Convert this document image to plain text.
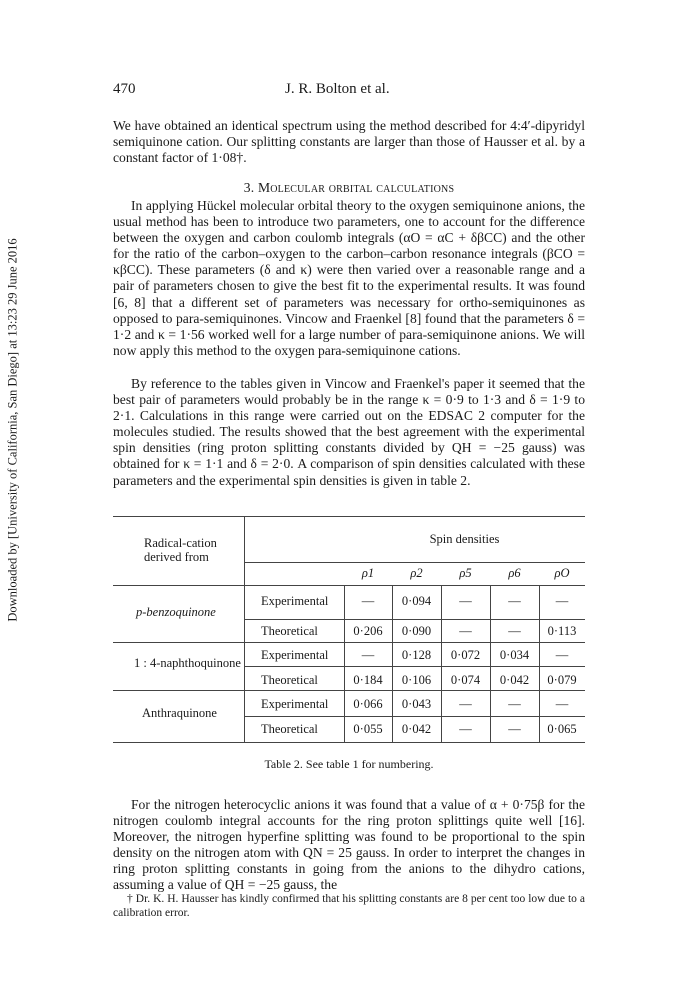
Downloaded by [University of California, San Diego] at 13:23 29 June 2016
470	J. R. Bolton et al.
We have obtained an identical spectrum using the method described for 4:4′-dipyridyl semiquinone cation. Our splitting constants are larger than those of Hausser et al. by a constant factor of 1·08†.
3. Molecular orbital calculations
In applying Hückel molecular orbital theory to the oxygen semiquinone anions, the usual method has been to introduce two parameters, one to account for the difference between the oxygen and carbon coulomb integrals (αO = αC + δβCC) and the other for the ratio of the carbon–oxygen to the carbon–carbon resonance integrals (βCO = κβCC). These parameters (δ and κ) were then varied over a reasonable range and a pair of parameters chosen to give the best fit to the experimental results. It was found [6, 8] that a different set of parameters was necessary for ortho-semiquinones as opposed to para-semiquinones. Vincow and Fraenkel [8] found that the parameters δ = 1·2 and κ = 1·56 worked well for a large number of para-semiquinone anions. We will now apply this method to the oxygen para-semiquinone cations.
By reference to the tables given in Vincow and Fraenkel's paper it seemed that the best pair of parameters would probably be in the range κ = 0·9 to 1·3 and δ = 1·9 to 2·1. Calculations in this range were carried out on the EDSAC 2 computer for the molecules studied. The results showed that the best agreement with the experimental spin densities (ring proton splitting constants divided by QH = −25 gauss) was obtained for κ = 1·1 and δ = 2·0. A comparison of spin densities calculated with these parameters and the experimental spin densities is given in table 2.
Radical-cation derived from
Spin densities
ρ1	ρ2	ρ5	ρ6	ρO
p-benzoquinone
Experimental	—	0·094	—	—	—
Theoretical	0·206	0·090	—	—	0·113
1 : 4-naphthoquinone
Experimental	—	0·128	0·072	0·034	—
Theoretical	0·184	0·106	0·074	0·042	0·079
Anthraquinone
Experimental	0·066	0·043	—	—	—
Theoretical	0·055	0·042	—	—	0·065
Table 2. See table 1 for numbering.
For the nitrogen heterocyclic anions it was found that a value of α + 0·75β for the nitrogen coulomb integral accounts for the ring proton splittings quite well [16]. Moreover, the nitrogen hyperfine splitting was found to be proportional to the spin density on the nitrogen atom with QN = 25 gauss. In order to interpret the changes in ring proton splitting constants in going from the anions to the dihydro cations, assuming a value of QH = −25 gauss, the
† Dr. K. H. Hausser has kindly confirmed that his splitting constants are 8 per cent too low due to a calibration error.
